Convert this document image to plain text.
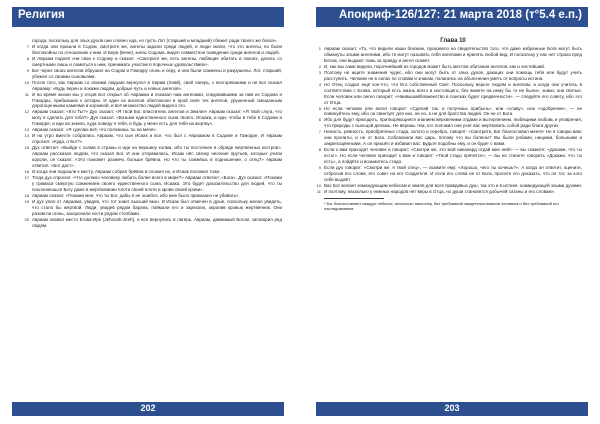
Религия

города, поскольку для злых духов они словно еда, но пусть Лот (старший и младший) сбежит ради твоего же блага».

7 И когда они пришли в Содом, смотрите же, ангелы задали среди людей, и люди знали, что это ангелы, но были беспокойны по отношению к ним. И Бера (Бене), князь Содома, видел совместное поведение среди ангелов и людей.

8 И Авраам поднял очи свои к Содому и сказал: «Смотрите же, есть ангелы, любящие обитать в покоях, делать со смертными лишь и ломиться к ним, принимать участие в порочных удовольствиях».

9 Бог через своих ангелов обрушил на Содом и Гоморру огонь и серу, и они были сожжены и разрушены. Лот, старший, убежал со своими сыновьями.

10 После того, как Авраам со своими людьми вернулся в Хирим (Хевй), свой лагерь, с несгоревшими и не Бог сказал Аврааму: «Будь верен и покажи людям, добрые путь и новых ангелов».

11 И во время жизни мы у отцов Бог открыл об Авраама и показал нам ангелами, следовавшими за ним из Содома и Гоморры, прибывших к алтарю. И один из ангелов обеспокоен в ярой силе тех ангелов, урушенный смешанным дорогоценными камнями и корзиной, и всё множество людей видело это.

12 Авраам сказал: «Кто Ты?» Дух сказал: «Я твой Бог, властитель ангелов и Земли!» Авраам сказал: «Я твой слуга, что могу я сделать для тебя?» Дух сказал: «Возьми единственного сына твоего, Исаака, и иди, чтобы в тебе в Содоме и Гоморре, и иди на землю, куда поведу я тебя, и будь у меня есть для тебя на жертву».

13 Авраам сказал: «Я сделаю всё, что положишь ты на меня».

14 И на утро вместе собрались Авраам, что сын Исаак и все, что был с Авраамом в Содоме и Гоморре. И Авраам спросил: «Куда, о Бог?»

15 Дух ответил: «Выйди с холма в страны и иди на вершину холма, ибо ты постоянен в обряде жертвенных костров». Авраам рассказал людям, что сказал Бог. И они отправились, Исаак нёс связку несения прутьев, которых учили короли, он сказал: «Это поможет разжечь больше брёвна. Но что ты сожжёшь в подношение, о отец?» Авраам ответил: «Бог даст».

16 И когда они подошли к месту, Авраам собрал брёвна и сложил их, и Исаак положил тоже.

17 Тогда дух спросил: «Что должно человеку любить более всего в мире?» Авраам ответил: «Бога». Дух сказал: «Покажи у гримаси смертую сожжением своего единственного сына, Исаака. Это будет доказательство для людей, что ты поклоняешься Богу даже в жертвовании плоти своей плоти и крови своей крови».

18 Авраам сказал: «Покажи мне, что ты Бог, дабы я не ошибся, ибо мне было приказано не убивать».

19 И дух упал от Авраама, увидев, что тот знает высший вкон. И Исаак был отмечен в душе, поскольку желал увидеть, что стало бы жертвой. Люди, увидев рядом барана, поймали его и зарезали, окропив кровью жертвенник. Они разожгли огонь, захоронили кости рядом столбами.

20 Авраам назвал место Егова-Ире (Jehovah-Jireh), и все вернулись в лагерь. Авраам, движимый Богом, заговорил ряд людям.

202
Апокриф-126/127: 21 марта 2018 (т°5.4 е.п.)
Глава 10

1 Авраам сказал: «То, что видели наши близкие, произвело на свидетельство того, что даже избранные Бога могут быть обмануты злыми ангелами, ибо те могут называть себя ангелами и принять любой вид. И поскольку у нас нет страха пред Богом, они выдают ложь за правду и ангел скажет.

2 И, как мы сами видели, порочнейший из городов может быть местом обитания ангелов, как и чистейший.

3 Поэтому не ищите знамения чудес, ибо они могут быть от злых духов, дающих они помощь тебя или будут учить расступить. Человек не в силах по словам и знакам, полагаясь на объяснения уметь от вопросы истина.

4 Но Отец создал ещё кое-что, что Его собственный Свет. Поскольку верьте людям и ангелам, а когда они учитесь в соответствии с Ехова, который есть жизнь всего и настоящего, без живете на нему бы то не были», знаки, они святые. Если человек или ангел говорит: «Наивышайблаженство в поисках будет предвечности», — следуйте его совету, ибо это от Отца.

5 Но если человек или ангел говорит: «Сделай так, и получишь прибыль», или «славу», или «одобрение», — не повинуйтесь ему, ибо он свинтует для них, не но, а не для братства людей. Он не от Бога.

6 Ибо для будут приходить, притворяющиеся знанием вёрхвеними отдами и вытерпением, любящими любовь и уповрения, что природы с пыльцой делаюь. Не веришь тем, кто положил они учат вас жертвовать собой ради блага других.

7 Ненасть, ревность, приобретенье стада, золото и серебро, говорят: «Смотрите, Бог благословил меня!» Но я говорю вам: они пропиты, и не от Бога. Соблазнили вас царь, потому что вы болены? Вы были робами, нищими, больными и закрепощёнными. А он пришёл и избавил вас. Будьте подобны ему, и он будет с вами.

8 Если к вам приходит человек и говорит: «Смотри же, это мой никанард отдай мне ней!» — вы скажите: «Докажи, что ты есть!». Но если человек приходит к вам и говорит: «Твой стадо прячется», — вы не станете говорить «Докажи, что ты есть», а пойдёте и возьмитесь стадо.

9 Если дух говорит: «Смотри же, я твой отец», — скажите ему: «Хорошо, чего ты хочешь?». А когда он ответит, оцените, отбросив его слова, его совет на его Создателя. И если его слова не от Бога, просите его доказать, что он тот, за кого себя выдаёт.

10 Вас Бог желает командующим небесам и земля для всех правдивых душ, так это и в истине, командующей злыми духами.

11 И поэтому, насколько у нежных народов нет веры в Отца, но души становятся добычей сатаны и его словам».

¹ Бог благословляет каждую небесах, несколько наклонну, без требований свидетельствовали человека и без требований его наследованием.
203
